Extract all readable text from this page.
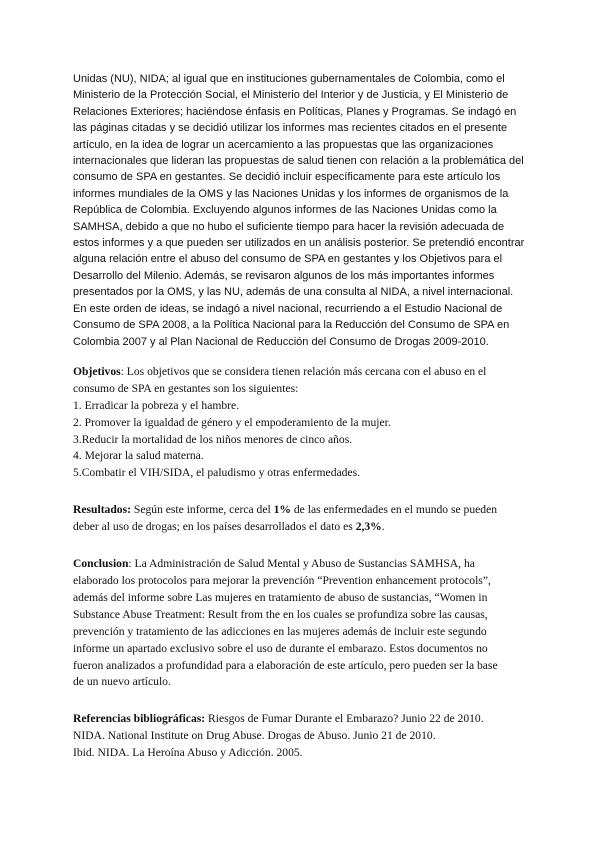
Unidas (NU), NIDA; al igual que en instituciones gubernamentales de Colombia, como el
Ministerio de la Protección Social, el Ministerio del Interior y de Justicia, y El Ministerio de
Relaciones Exteriores; haciéndose énfasis en Políticas, Planes y Programas. Se indagó en
las páginas citadas y se decidió utilizar los informes mas recientes citados en el presente
artículo, en la idea de lograr un acercamiento a las propuestas que las organizaciones
internacionales que lideran las propuestas de salud tienen con relación a la problemática del
consumo de SPA en gestantes. Se decidió incluir específicamente para este artículo los
informes mundiales de la OMS y las Naciones Unidas y los informes de organismos de la
República de Colombia. Excluyendo algunos informes de las Naciones Unidas como la
SAMHSA, debido a que no hubo el suficiente tiempo para hacer la revisión adecuada de
estos informes y a que pueden ser utilizados en un análisis posterior. Se pretendió encontrar
alguna relación entre el abuso del consumo de SPA en gestantes y los Objetivos para el
Desarrollo del Milenio. Además, se revisaron algunos de los más importantes informes
presentados por la OMS, y las NU, además de una consulta al NIDA, a nivel internacional.
En este orden de ideas, se indagó a nivel nacional, recurriendo a el Estudio Nacional de
Consumo de SPA 2008, a la Política Nacional para la Reducción del Consumo de SPA en
Colombia 2007 y al Plan Nacional de Reducción del Consumo de Drogas 2009-2010.
Objetivos: Los objetivos que se considera tienen relación más cercana con el abuso en el
consumo de SPA en gestantes son los siguientes:
1. Erradicar la pobreza y el hambre.
2. Promover la igualdad de género y el empoderamiento de la mujer.
3.Reducir la mortalidad de los niños menores de cinco años.
4. Mejorar la salud materna.
5.Combatir el VIH/SIDA, el paludismo y otras enfermedades.
Resultados: Según este informe, cerca del 1% de las enfermedades en el mundo se pueden
deber al uso de drogas; en los países desarrollados el dato es 2,3%.
Conclusion: La Administración de Salud Mental y Abuso de Sustancias SAMHSA, ha
elaborado los protocolos para mejorar la prevención “Prevention enhancement protocols”,
además del informe sobre Las mujeres en tratamiento de abuso de sustancias, “Women in
Substance Abuse Treatment: Result from the en los cuales se profundiza sobre las causas,
prevención y tratamiento de las adicciones en las mujeres además de incluir este segundo
informe un apartado exclusivo sobre el uso de durante el embarazo. Estos documentos no
fueron analizados a profundidad para a elaboración de este artículo, pero pueden ser la base
de un nuevo artículo.
Referencias bibliográficas: Riesgos de Fumar Durante el Embarazo? Junio 22 de 2010.
NIDA. National Institute on Drug Abuse. Drogas de Abuso. Junio 21 de 2010.
Ibid. NIDA. La Heroína Abuso y Adicción. 2005.
